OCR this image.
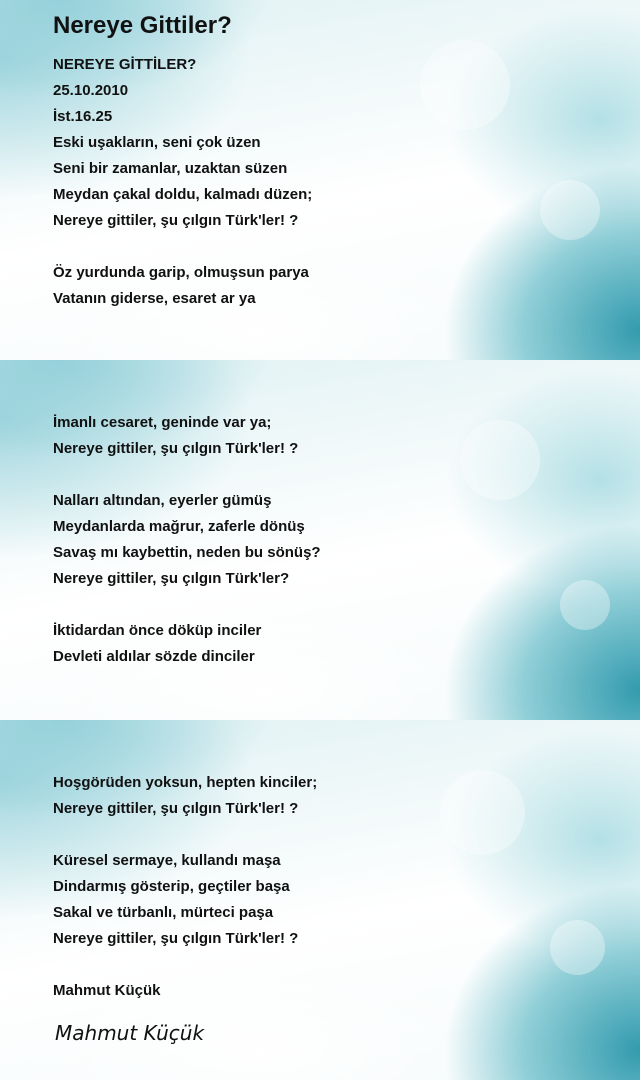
Nereye Gittiler?
NEREYE GİTTİLER?
25.10.2010
İst.16.25
Eski uşakların, seni çok üzen
Seni bir zamanlar, uzaktan süzen
Meydan çakal doldu, kalmadı düzen;
Nereye gittiler, şu çılgın Türk'ler! ?
Öz yurdunda garip, olmuşsun parya
Vatanın giderse, esaret ar ya
İmanlı cesaret, geninde var ya;
Nereye gittiler, şu çılgın Türk'ler! ?
Nalları altından, eyerler gümüş
Meydanlarda mağrur, zaferle dönüş
Savaş mı kaybettin, neden bu sönüş?
Nereye gittiler, şu çılgın Türk'ler?
İktidardan önce döküp inciler
Devleti aldılar sözde dinciler
Hoşgörüden yoksun, hepten kinciler;
Nereye gittiler, şu çılgın Türk'ler! ?
Küresel sermaye, kullandı maşa
Dindarmış gösterip, geçtiler başa
Sakal ve türbanlı, mürteci paşa
Nereye gittiler, şu çılgın Türk'ler! ?
Mahmut Küçük
Mahmut Küçük
